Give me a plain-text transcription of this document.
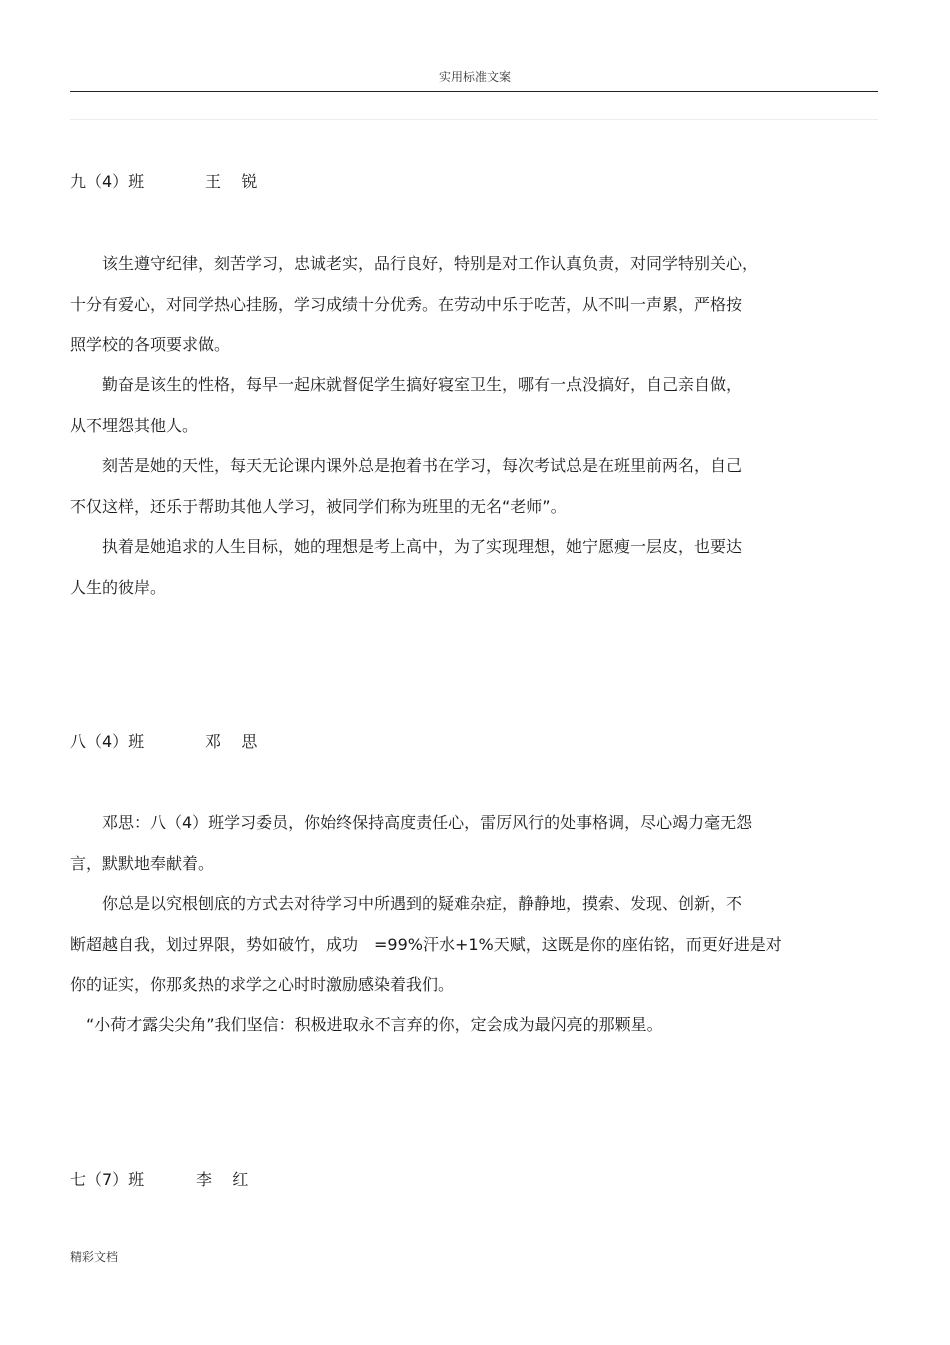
实用标准文案
九（4）班	王    锐
　　该生遵守纪律，刻苦学习，忠诚老实，品行良好，特别是对工作认真负责，对同学特别关心，
十分有爱心，对同学热心挂肠，学习成绩十分优秀。在劳动中乐于吃苦，从不叫一声累，严格按
照学校的各项要求做。
　　勤奋是该生的性格，每早一起床就督促学生搞好寝室卫生，哪有一点没搞好，自己亲自做，
从不埋怨其他人。
　　刻苦是她的天性，每天无论课内课外总是抱着书在学习，每次考试总是在班里前两名，自己
不仅这样，还乐于帮助其他人学习，被同学们称为班里的无名“老师”。
　　执着是她追求的人生目标，她的理想是考上高中，为了实现理想，她宁愿瘦一层皮，也要达
人生的彼岸。
八（4）班	邓    思
　　邓思：八（4）班学习委员，你始终保持高度责任心，雷厉风行的处事格调，尽心竭力毫无怨
言，默默地奉献着。
　　你总是以究根刨底的方式去对待学习中所遇到的疑难杂症，静静地，摸索、发现、创新，不
断超越自我，划过界限，势如破竹，成功　=99%汗水+1%天赋，这既是你的座佑铭，而更好进是对
你的证实，你那炙热的求学之心时时激励感染着我们。
　“小荷才露尖尖角”我们坚信：积极进取永不言弃的你，定会成为最闪亮的那颗星。
七（7）班	李    红
精彩文档
